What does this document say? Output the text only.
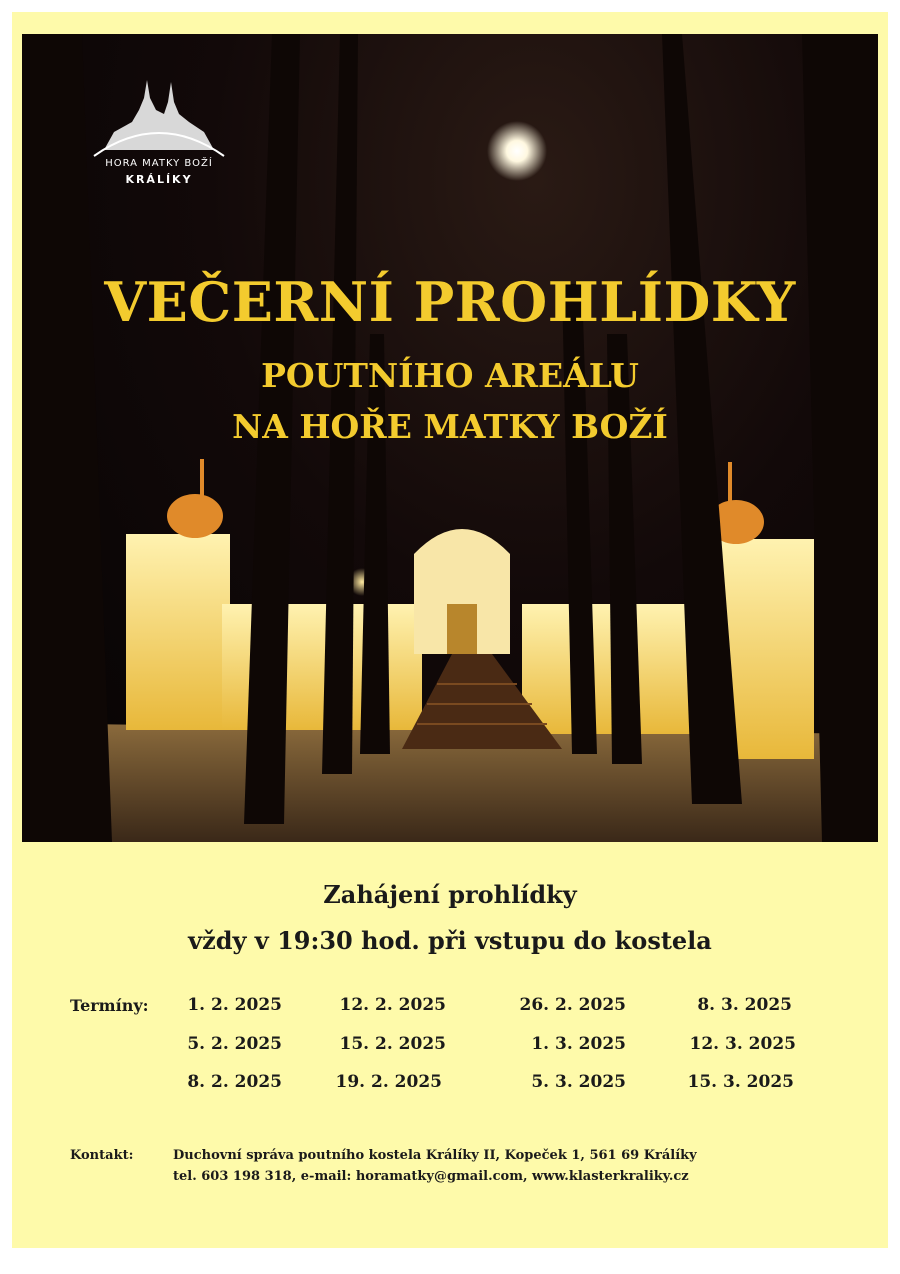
HORA MATKY BOŽÍ
KRÁLÍKY
VEČERNÍ PROHLÍDKY
POUTNÍHO AREÁLU
NA HOŘE MATKY BOŽÍ
Zahájení prohlídky
vždy v 19:30 hod. při vstupu do kostela
Termíny:	1. 2. 2025
5. 2. 2025
8. 2. 2025
12. 2. 2025
15. 2. 2025
19. 2. 2025
26. 2. 2025
1. 3. 2025
5. 3. 2025
8. 3. 2025
12. 3. 2025
15. 3. 2025
Kontakt:	Duchovní správa poutního kostela Králíky II, Kopeček 1, 561 69 Králíky
tel. 603 198 318, e-mail: horamatky@gmail.com, www.klasterkraliky.cz
